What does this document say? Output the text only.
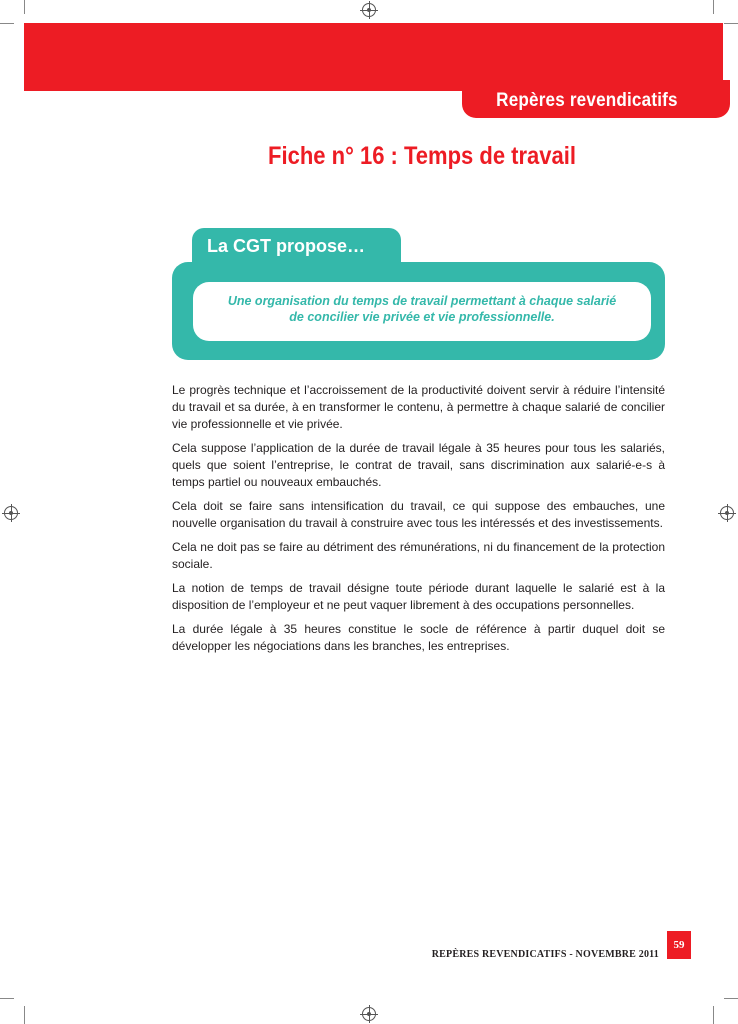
Repères revendicatifs
Fiche n° 16 : Temps de travail
La CGT propose…
Une organisation du temps de travail permettant à chaque salarié
de concilier vie privée et vie professionnelle.

Le progrès technique et l’accroissement de la productivité doivent servir à réduire l’intensité du travail et sa durée, à en transformer le contenu, à permettre à chaque salarié de concilier vie professionnelle et vie privée.

Cela suppose l’application de la durée de travail légale à 35 heures pour tous les salariés, quels que soient l’entreprise, le contrat de travail, sans discrimination aux salarié-e-s à temps partiel ou nouveaux embauchés.

Cela doit se faire sans intensification du travail, ce qui suppose des embauches, une nouvelle organisation du travail à construire avec tous les intéressés et des investissements.

Cela ne doit pas se faire au détriment des rémunérations, ni du financement de la protection sociale.

La notion de temps de travail désigne toute période durant laquelle le salarié est à la disposition de l’employeur et ne peut vaquer librement à des occupations personnelles.

La durée légale à 35 heures constitue le socle de référence à partir duquel doit se développer les négociations dans les branches, les entreprises.

REPÈRES REVENDICATIFS - NOVEMBRE 2011
59
